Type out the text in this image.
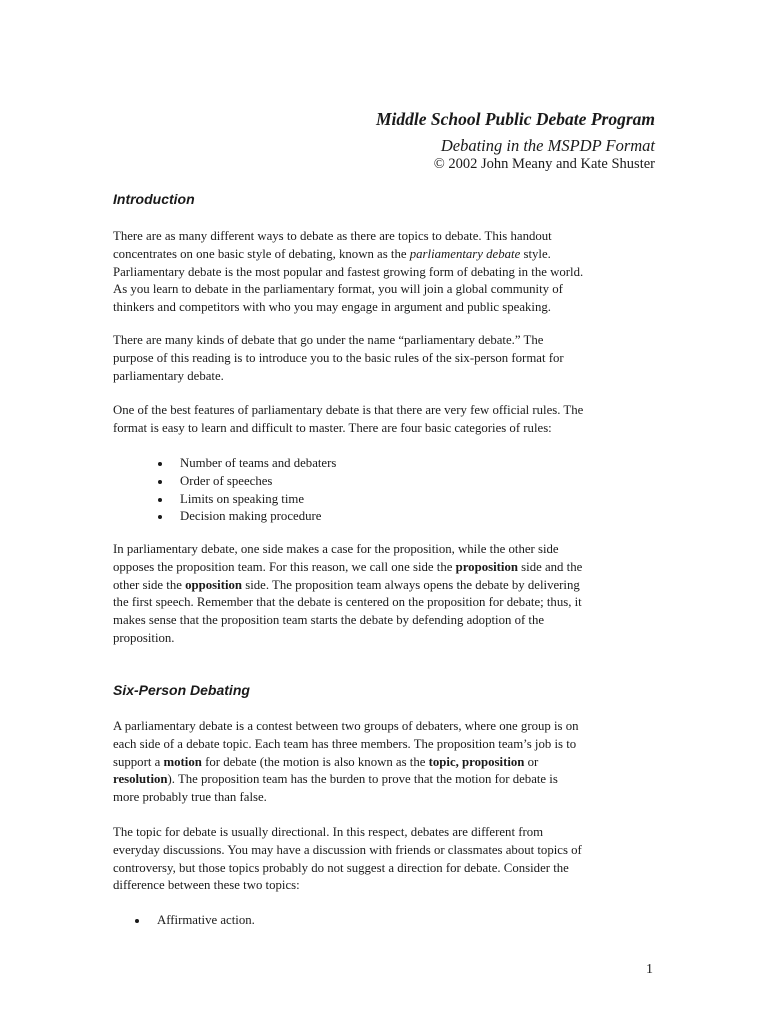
Middle School Public Debate Program
Debating in the MSPDP Format
© 2002 John Meany and Kate Shuster
Introduction

There are as many different ways to debate as there are topics to debate. This handout

concentrates on one basic style of debating, known as the parliamentary debate style.

Parliamentary debate is the most popular and fastest growing form of debating in the world.

As you learn to debate in the parliamentary format, you will join a global community of

thinkers and competitors with who you may engage in argument and public speaking.

There are many kinds of debate that go under the name “parliamentary debate.” The

purpose of this reading is to introduce you to the basic rules of the six-person format for

parliamentary debate.

One of the best features of parliamentary debate is that there are very few official rules. The

format is easy to learn and difficult to master. There are four basic categories of rules:

Number of teams and debaters
Order of speeches
Limits on speaking time
Decision making procedure

In parliamentary debate, one side makes a case for the proposition, while the other side

opposes the proposition team. For this reason, we call one side the proposition side and the

other side the opposition side. The proposition team always opens the debate by delivering

the first speech. Remember that the debate is centered on the proposition for debate; thus, it

makes sense that the proposition team starts the debate by defending adoption of the

proposition.

Six-Person Debating

A parliamentary debate is a contest between two groups of debaters, where one group is on

each side of a debate topic. Each team has three members. The proposition team’s job is to

support a motion for debate (the motion is also known as the topic, proposition or

resolution). The proposition team has the burden to prove that the motion for debate is

more probably true than false.

The topic for debate is usually directional. In this respect, debates are different from

everyday discussions. You may have a discussion with friends or classmates about topics of

controversy, but those topics probably do not suggest a direction for debate. Consider the

difference between these two topics:

Affirmative action.
1
